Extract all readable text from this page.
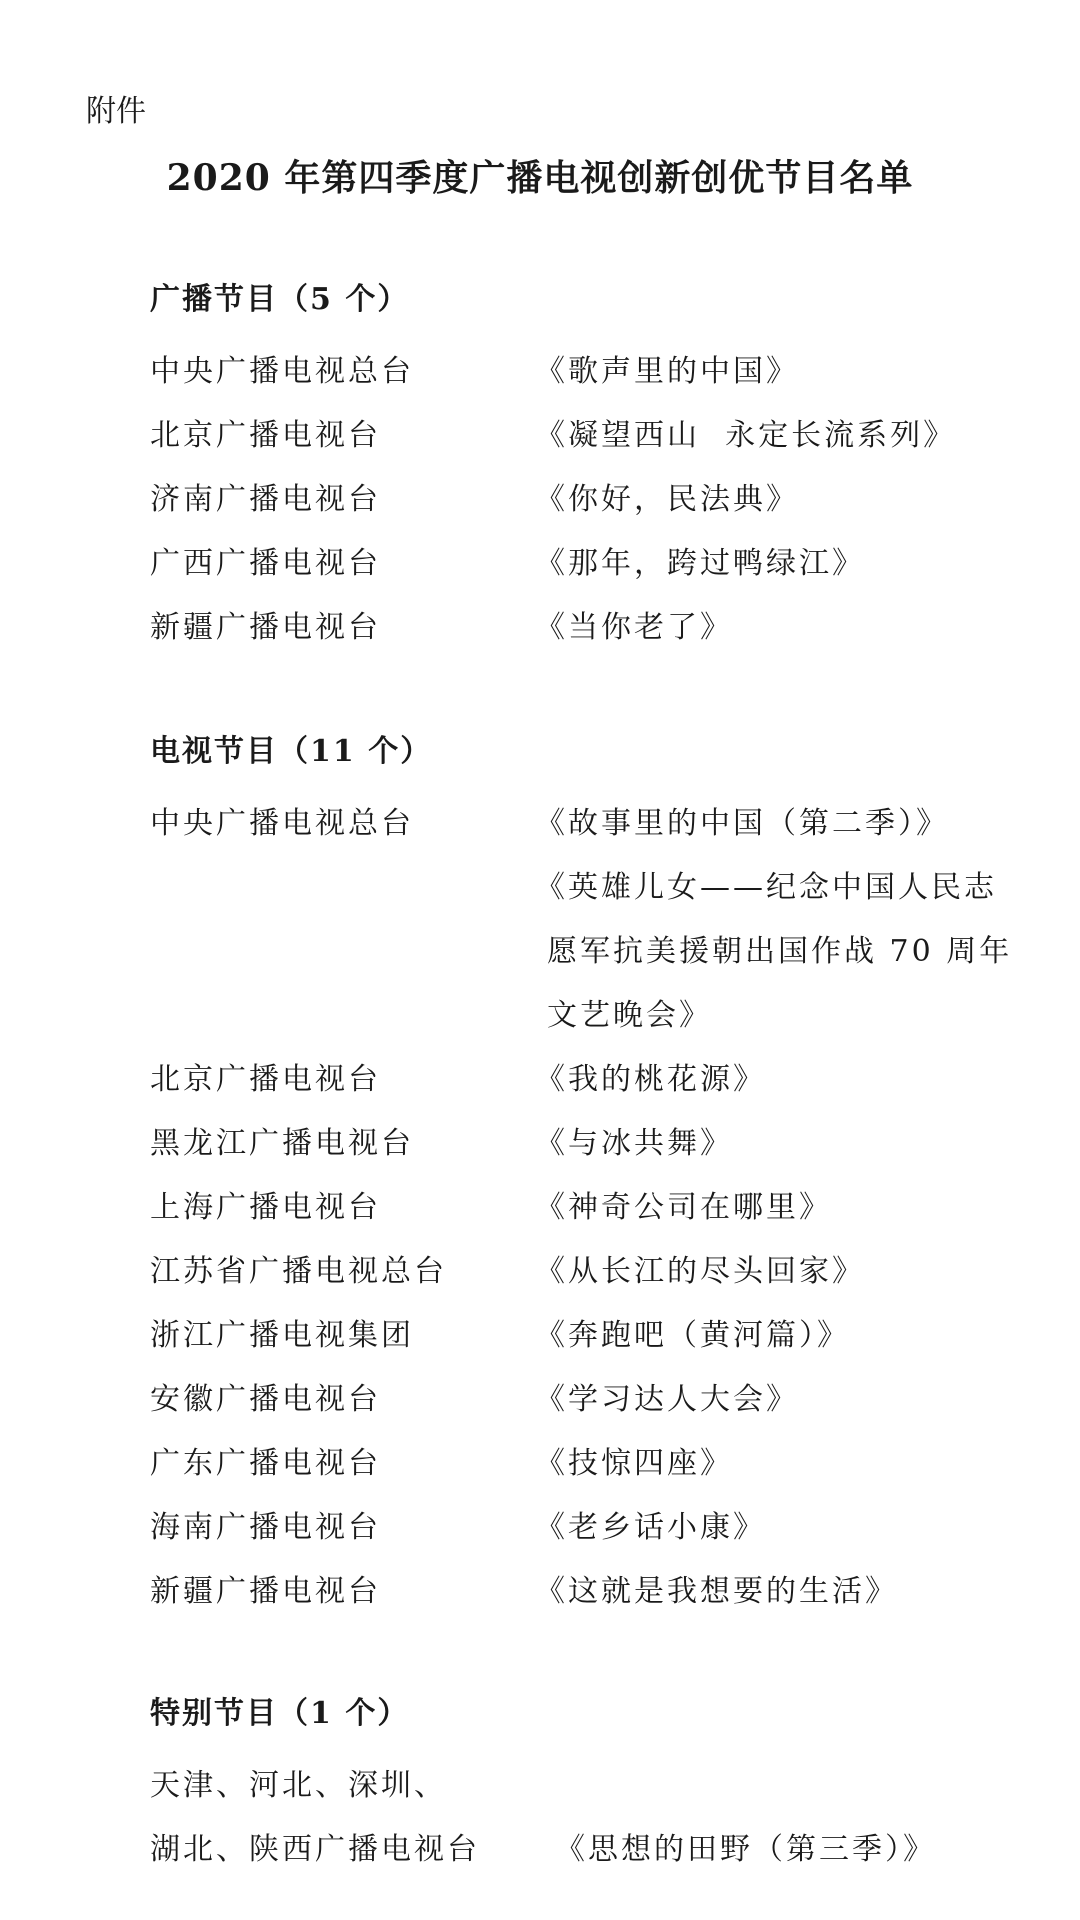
附件
2020 年第四季度广播电视创新创优节目名单
广播节目（5 个）
中央广播电视总台	《歌声里的中国》
北京广播电视台	《凝望西山  永定长流系列》
济南广播电视台	《你好，民法典》
广西广播电视台	《那年，跨过鸭绿江》
新疆广播电视台	《当你老了》
电视节目（11 个）
中央广播电视总台	《故事里的中国（第二季）》
《英雄儿女——纪念中国人民志
愿军抗美援朝出国作战 70 周年
文艺晚会》
北京广播电视台	《我的桃花源》
黑龙江广播电视台	《与冰共舞》
上海广播电视台	《神奇公司在哪里》
江苏省广播电视总台	《从长江的尽头回家》
浙江广播电视集团	《奔跑吧（黄河篇）》
安徽广播电视台	《学习达人大会》
广东广播电视台	《技惊四座》
海南广播电视台	《老乡话小康》
新疆广播电视台	《这就是我想要的生活》
特别节目（1 个）
天津、河北、深圳、
湖北、陕西广播电视台	《思想的田野（第三季）》
